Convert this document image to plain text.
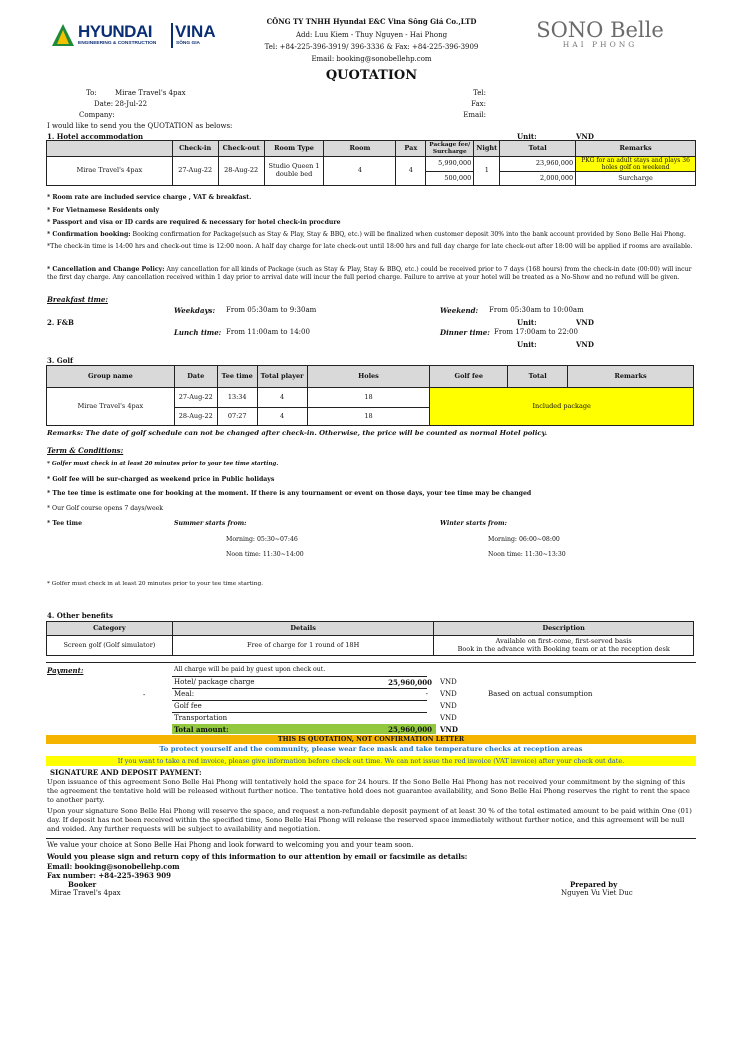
HYUNDAI
ENGINEERING & CONSTRUCTION
VINA
SÔNG GIA
CÔNG TY TNHH Hyundai E&C Vina Sông Giá Co.,LTD
Add: Luu Kiem - Thuy Nguyen - Hai Phong
Tel: +84-225-396-3919/ 396-3336 & Fax: +84-225-396-3909
Email: booking@sonobellehp.com
SONO Belle
HAI PHONG
QUOTATION
To:	Mirae Travel's 4pax
Date: 28-Jul-22
Company:
Tel:
Fax:
Email:
I would like to send you the QUOTATION as belows:
1. Hotel accommodation	Unit:	VND
	Check-in	Check-out	Room Type	Room	Pax	Package fee/ Surcharge	Night	Total	Remarks
Mirae Travel's 4pax	27-Aug-22	28-Aug-22	Studio Queen 1 double bed	4	4	5,990,000	1	23,960,000	PKG for an adult stays and plays 36 holes golf on weekend
						500,000		2,000,000	Surcharge
* Room rate are included service charge , VAT & breakfast.
* For Vietnamese Residents only
* Passport and visa or ID cards are required & necessary for hotel check-in procdure
* Confirmation booking: Booking confirmation for Package(such as Stay & Play, Stay & BBQ, etc.) will be finalized when customer deposit 30% into the bank account provided by Sono Belle Hai Phong.
*The check-in time is 14:00 hrs and check-out time is 12:00 noon. A half day charge for late check-out until 18:00 hrs and full day charge for late check-out after 18:00 will be applied if rooms are available.
* Cancellation and Change Policy: Any cancellation for all kinds of Package (such as Stay & Play, Stay & BBQ, etc.) could be received prior to 7 days (168 hours) from the check-in date (00:00) will incur the first day charge. Any cancellation received within 1 day prior to arrival date will incur the full period charge. Failure to arrive at your hotel will be treated as a No-Show and no refund will be given.
Breakfast time:
Weekdays: From 05:30am to 9:30am	Weekend: From 05:30am to 10:00am
2. F&B	Unit:	VND
Lunch time: From 11:00am to 14:00	Dinner time: From 17:00am to 22:00
Unit:	VND
3. Golf
Group name	Date	Tee time	Total player	Holes	Golf fee	Total	Remarks
Mirae Travel's 4pax	27-Aug-22	13:34	4	18	Included package		
	28-Aug-22	07:27	4	18			
Remarks: The date of golf schedule can not be changed after check-in. Otherwise, the price will be counted as normal Hotel policy.
Term & Conditions:
* Golfer must check in at least 20 minutes prior to your tee time starting.
* Golf fee will be sur-charged as weekend price in Public holidays
* The tee time is estimate one for booking at the moment. If there is any tournament or event on those days, your tee time may be changed
* Our Golf course opens 7 days/week
* Tee time	Summer starts from:	Winter starts from:
Morning: 05:30~07:46	Morning: 06:00~08:00
Noon time: 11:30~14:00	Noon time: 11:30~13:30
* Golfer must check in at least 20 minutes prior to your tee time starting.
4. Other benefits
Category	Details	Description
Screen golf (Golf simulator)	Free of charge for 1 round of 18H	Available on first-come, first-served basis
Book in the advance with Booking team or at the reception desk
Payment:
-
All charge will be paid by guest upon check out.
Hotel/ package charge	25,960,000 VND
Meal:	- VND	Based on actual consumption
Golf fee	VND
Transportation	VND
Total amount:	25,960,000 VND
THIS IS QUOTATION, NOT CONFIRMATION LETTER
To protect yourself and the community, please wear face mask and take temperature checks at reception areas
If you want to take a red invoice, please give information before check out time. We can not issue the red invoice (VAT invoice) after your check out date.
SIGNATURE AND DEPOSIT PAYMENT:
Upon issuance of this agreement Sono Belle Hai Phong will tentatively hold the space for 24 hours. If the Sono Belle Hai Phong has not received your commitment by the signing of this the agreement the tentative hold will be released without further notice. The tentative hold does not guarantee availability, and Sono Belle Hai Phong reserves the right to rent the space to another party.
Upon your signature Sono Belle Hai Phong will reserve the space, and request a non-refundable deposit payment of at least 30 % of the total estimated amount to be paid within One (01) day. If deposit has not been received within the specified time, Sono Belle Hai Phong will release the reserved space immediately without further notice, and this agreement will be null and voided. Any further requests will be subject to availability and negotiation.
We value your choice at Sono Belle Hai Phong and look forward to welcoming you and your team soon.
Would you please sign and return copy of this information to our attention by email or facsimile as details:
Email: booking@sonobellehp.com
Fax number: +84-225-3963 909
Booker
Mirae Travel's 4pax
Prepared by
Nguyen Vu Viet Duc
